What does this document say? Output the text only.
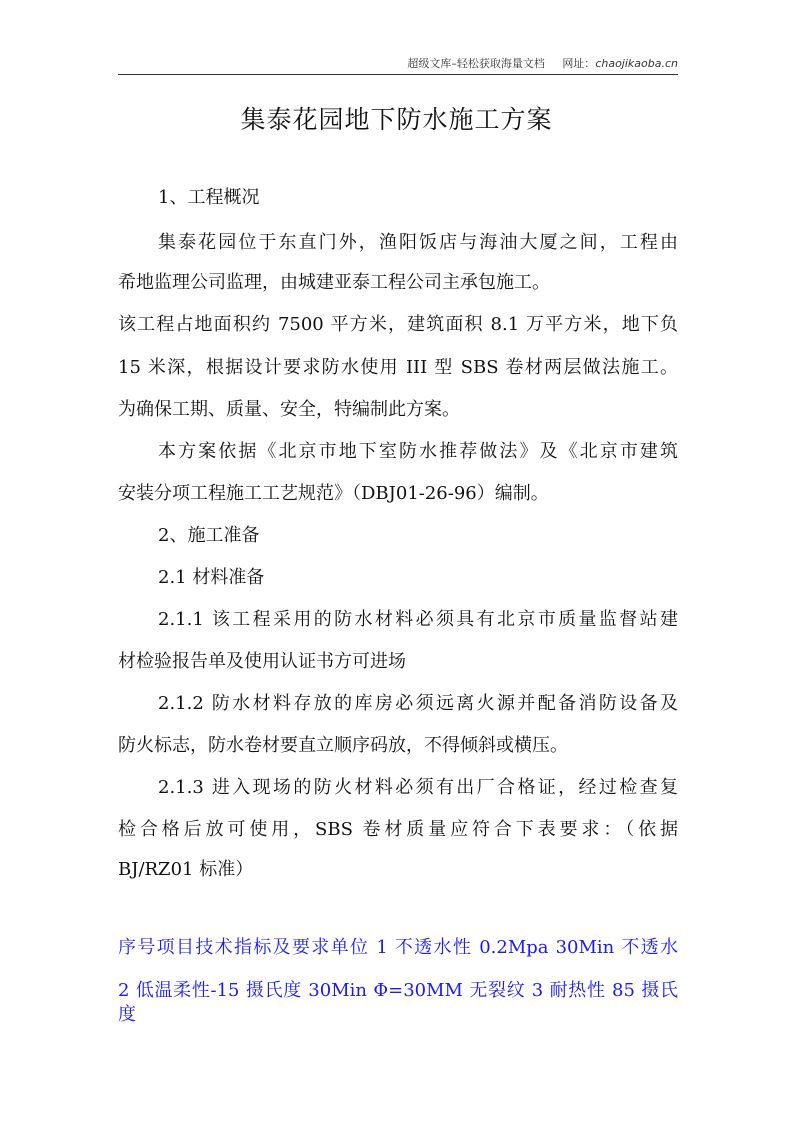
超级文库–轻松获取海量文档 网址：chaojikaoba.cn
集泰花园地下防水施工方案
1、工程概况
集泰花园位于东直门外，渔阳饭店与海油大厦之间，工程由
希地监理公司监理，由城建亚泰工程公司主承包施工。
该工程占地面积约 7500 平方米，建筑面积 8.1 万平方米，地下负
15 米深，根据设计要求防水使用 III 型 SBS 卷材两层做法施工。
为确保工期、质量、安全，特编制此方案。
本方案依据《北京市地下室防水推荐做法》及《北京市建筑
安装分项工程施工工艺规范》（DBJ01-26-96）编制。
2、施工准备
2.1 材料准备
2.1.1 该工程采用的防水材料必须具有北京市质量监督站建
材检验报告单及使用认证书方可进场
2.1.2 防水材料存放的库房必须远离火源并配备消防设备及
防火标志，防水卷材要直立顺序码放，不得倾斜或横压。
2.1.3 进入现场的防火材料必须有出厂合格证，经过检查复
检合格后放可使用，SBS 卷材质量应符合下表要求：（依据
BJ/RZ01 标准）
序号项目技术指标及要求单位 1 不透水性 0.2Mpa 30Min 不透水
2 低温柔性-15 摄氏度 30Min Φ=30MM 无裂纹 3 耐热性 85 摄氏度
